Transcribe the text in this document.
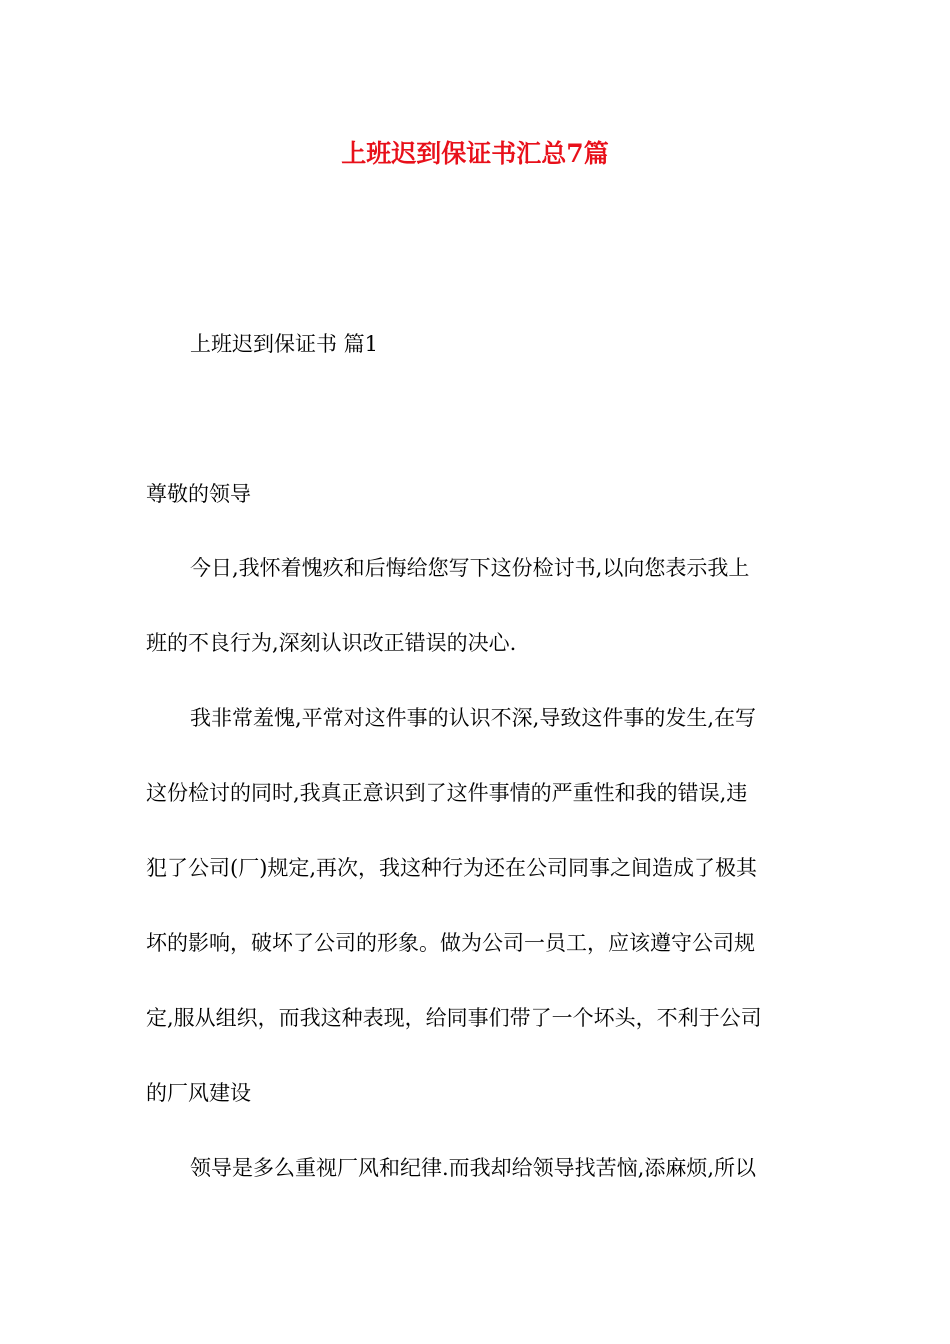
上班迟到保证书汇总7篇

上班迟到保证书 篇1

尊敬的领导

今日,我怀着愧疚和后悔给您写下这份检讨书,以向您表示我上

班的不良行为,深刻认识改正错误的决心.

我非常羞愧,平常对这件事的认识不深,导致这件事的发生,在写

这份检讨的同时,我真正意识到了这件事情的严重性和我的错误,违

犯了公司(厂)规定,再次，我这种行为还在公司同事之间造成了极其

坏的影响，破坏了公司的形象。做为公司一员工，应该遵守公司规

定,服从组织，而我这种表现，给同事们带了一个坏头，不利于公司

的厂风建设

领导是多么重视厂风和纪律.而我却给领导找苦恼,添麻烦,所以
